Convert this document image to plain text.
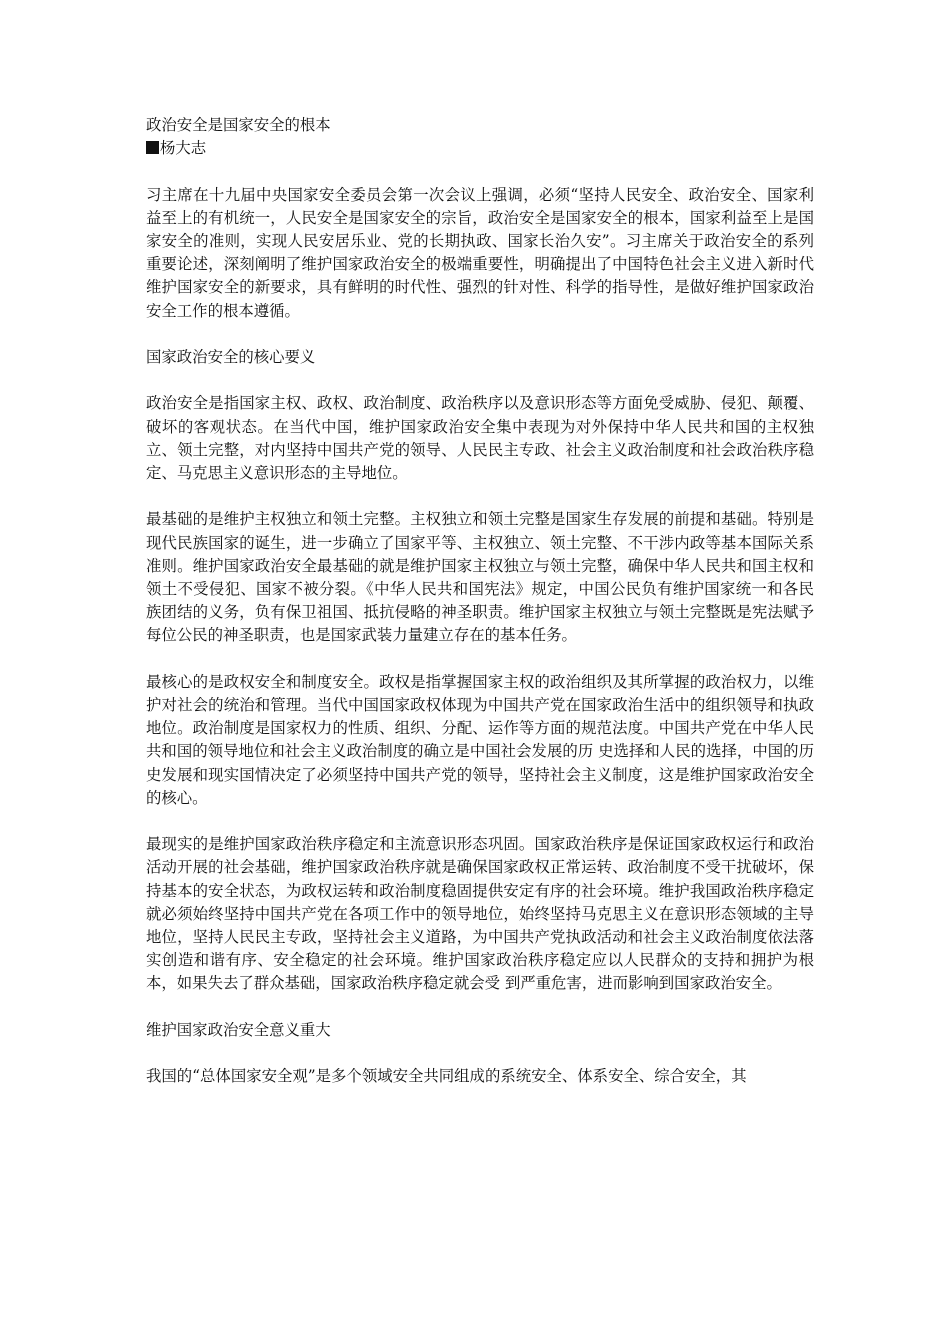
政治安全是国家安全的根本

杨大志

习主席在十九届中央国家安全委员会第一次会议上强调，必须“坚持人民安全、政治安全、国家利益至上的有机统一，人民安全是国家安全的宗旨，政治安全是国家安全的根本，国家利益至上是国家安全的准则，实现人民安居乐业、党的长期执政、国家长治久安”。习主席关于政治安全的系列重要论述，深刻阐明了维护国家政治安全的极端重要性，明确提出了中国特色社会主义进入新时代维护国家安全的新要求，具有鲜明的时代性、强烈的针对性、科学的指导性，是做好维护国家政治安全工作的根本遵循。

国家政治安全的核心要义

政治安全是指国家主权、政权、政治制度、政治秩序以及意识形态等方面免受威胁、侵犯、颠覆、破坏的客观状态。在当代中国，维护国家政治安全集中表现为对外保持中华人民共和国的主权独立、领土完整，对内坚持中国共产党的领导、人民民主专政、社会主义政治制度和社会政治秩序稳定、马克思主义意识形态的主导地位。

最基础的是维护主权独立和领土完整。主权独立和领土完整是国家生存发展的前提和基础。特别是现代民族国家的诞生，进一步确立了国家平等、主权独立、领土完整、不干涉内政等基本国际关系准则。维护国家政治安全最基础的就是维护国家主权独立与领土完整，确保中华人民共和国主权和领土不受侵犯、国家不被分裂。《中华人民共和国宪法》规定，中国公民负有维护国家统一和各民族团结的义务，负有保卫祖国、抵抗侵略的神圣职责。维护国家主权独立与领土完整既是宪法赋予每位公民的神圣职责，也是国家武装力量建立存在的基本任务。

最核心的是政权安全和制度安全。政权是指掌握国家主权的政治组织及其所掌握的政治权力，以维护对社会的统治和管理。当代中国国家政权体现为中国共产党在国家政治生活中的组织领导和执政地位。政治制度是国家权力的性质、组织、分配、运作等方面的规范法度。中国共产党在中华人民共和国的领导地位和社会主义政治制度的确立是中国社会发展的历 史选择和人民的选择，中国的历史发展和现实国情决定了必须坚持中国共产党的领导，坚持社会主义制度，这是维护国家政治安全的核心。

最现实的是维护国家政治秩序稳定和主流意识形态巩固。国家政治秩序是保证国家政权运行和政治活动开展的社会基础，维护国家政治秩序就是确保国家政权正常运转、政治制度不受干扰破坏，保持基本的安全状态，为政权运转和政治制度稳固提供安定有序的社会环境。维护我国政治秩序稳定就必须始终坚持中国共产党在各项工作中的领导地位，始终坚持马克思主义在意识形态领域的主导地位，坚持人民民主专政，坚持社会主义道路，为中国共产党执政活动和社会主义政治制度依法落实创造和谐有序、安全稳定的社会环境。维护国家政治秩序稳定应以人民群众的支持和拥护为根本，如果失去了群众基础，国家政治秩序稳定就会受 到严重危害，进而影响到国家政治安全。

维护国家政治安全意义重大

我国的“总体国家安全观”是多个领域安全共同组成的系统安全、体系安全、综合安全，其
